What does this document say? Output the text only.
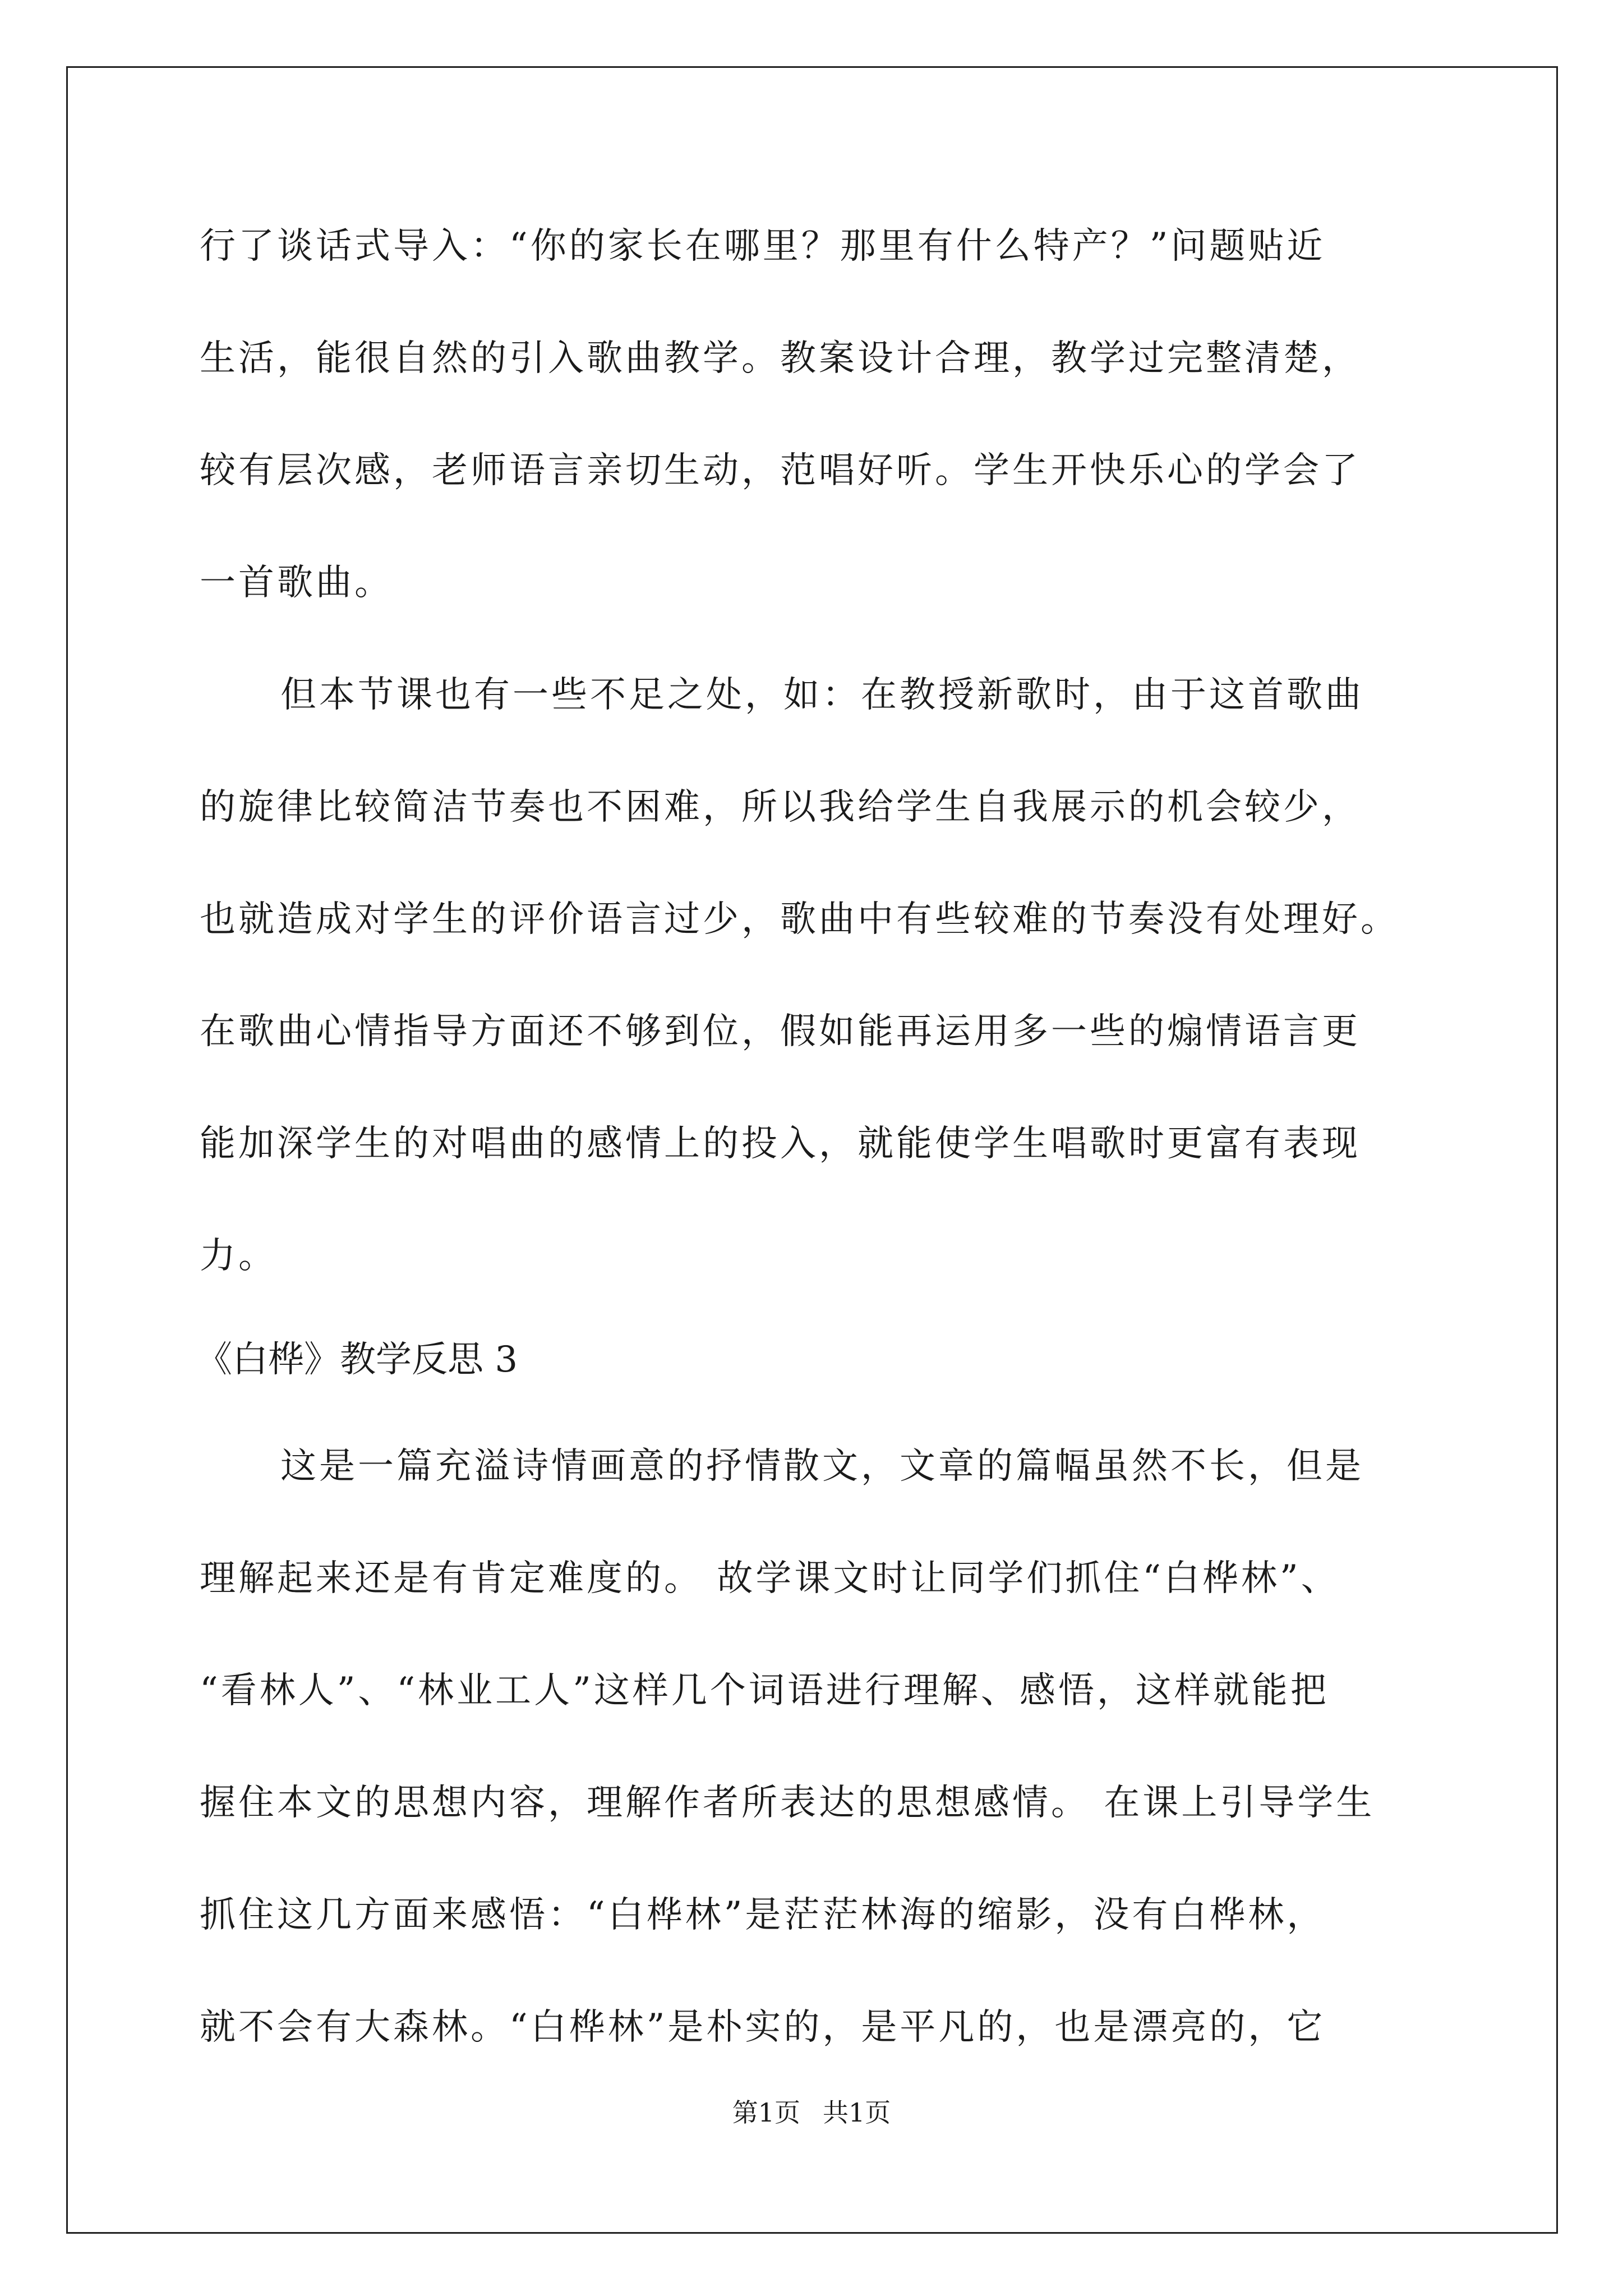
行了谈话式导入：“你的家长在哪里？那里有什么特产？”问题贴近

生活，能很自然的引入歌曲教学。教案设计合理，教学过完整清楚，

较有层次感，老师语言亲切生动，范唱好听。学生开快乐心的学会了

一首歌曲。

但本节课也有一些不足之处，如：在教授新歌时，由于这首歌曲

的旋律比较简洁节奏也不困难，所以我给学生自我展示的机会较少，

也就造成对学生的评价语言过少，歌曲中有些较难的节奏没有处理好。

在歌曲心情指导方面还不够到位，假如能再运用多一些的煽情语言更

能加深学生的对唱曲的感情上的投入，就能使学生唱歌时更富有表现

力。

《白桦》教学反思 3

这是一篇充溢诗情画意的抒情散文，文章的篇幅虽然不长，但是

理解起来还是有肯定难度的。 故学课文时让同学们抓住“白桦林”、

“看林人”、“林业工人”这样几个词语进行理解、感悟，这样就能把

握住本文的思想内容，理解作者所表达的思想感情。 在课上引导学生

抓住这几方面来感悟：“白桦林”是茫茫林海的缩影，没有白桦林，

就不会有大森林。“白桦林”是朴实的，是平凡的，也是漂亮的，它

第1页 共1页
